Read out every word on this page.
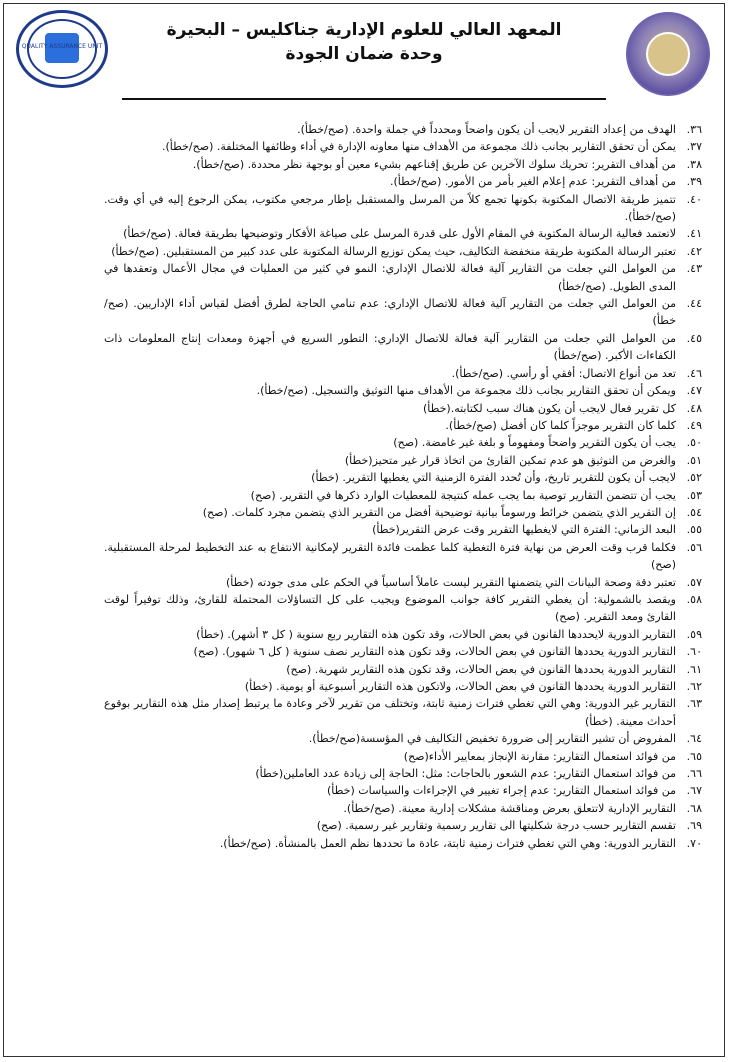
المعهد العالي للعلوم الإدارية جناكليس – البحيرة
وحدة ضمان الجودة
QUALITY ASSURANCE UNIT
٣٦.
الهدف من إعداد التقرير لايجب أن يكون واضحاً ومحدداً في جملة واحدة. (صح/خطأ).
٣٧.
يمكن أن تحقق التقارير بجانب ذلك مجموعة من الأهداف منها معاونه الإدارة في أداء وظائفها المختلفة. (صح/خطأ).
٣٨.
من أهداف التقرير: تحريك سلوك الآخرين عن طريق إقناعهم بشيء معين أو بوجهة نظر محددة. (صح/خطأ).
٣٩.
من أهداف التقرير: عدم إعلام الغير بأمر من الأمور. (صح/خطأ).
٤٠.
تتميز طريقة الاتصال المكتوبة بكونها تجمع كلاً من المرسل والمستقبل بإطار مرجعي مكتوب، يمكن الرجوع إليه في أي وقت. (صح/خطأ).
٤١.
لاتعتمد فعالية الرسالة المكتوبة في المقام الأول على قدرة المرسل على صياغة الأفكار وتوضيحها بطريقة فعالة. (صح/خطأ)
٤٢.
تعتبر الرسالة المكتوبة طريقة منخفضة التكاليف، حيث يمكن توزيع الرسالة المكتوبة على عدد كبير من المستقبلين. (صح/خطأ)
٤٣.
من العوامل التي جعلت من التقارير آلية فعالة للاتصال الإداري: النمو في كثير من العمليات في مجال الأعمال وتعقدها في المدى الطويل. (صح/خطأ)
٤٤.
من العوامل التي جعلت من التقارير آلية فعالة للاتصال الإداري: عدم تنامي الحاجة لطرق أفضل لقياس أداء الإداريين. (صح/خطأ)
٤٥.
من العوامل التي جعلت من التقارير آلية فعالة للاتصال الإداري: التطور السريع في أجهزة ومعدات إنتاج المعلومات ذات الكفاءات الأكبر. (صح/خطأ)
٤٦.
تعد من أنواع الاتصال: أفقي أو رأسي. (صح/خطأ).
٤٧.
ويمكن أن تحقق التقارير بجانب ذلك مجموعة من الأهداف منها التوثيق والتسجيل. (صح/خطأ).
٤٨.
كل تقرير فعال لايجب أن يكون هناك سبب لكتابته.(خطأ)
٤٩.
كلما كان التقرير موجزاً كلما كان أفضل (صح/خطأ).
٥٠.
يجب أن يكون التقرير واضحاً ومفهوماً و بلغة غير غامضة. (صح)
٥١.
والغرض من التوثيق هو عدم تمكين القارئ من اتخاذ قرار غير متحيز(خطأ)
٥٢.
لايجب أن يكون للتقرير تاريخ، وأن تُحدد الفترة الزمنية التي يغطيها التقرير. (خطأ)
٥٣.
يجب أن تتضمن التقارير توصية بما يجب عمله كنتيجة للمعطيات الوارد ذكرها في التقرير. (صح)
٥٤.
إن التقرير الذي يتضمن خرائط ورسوماً بيانية توضيحية أفضل من التقرير الذي يتضمن مجرد كلمات. (صح)
٥٥.
البعد الزماني: الفترة التي لايغطيها التقرير وقت عرض التقرير(خطأ)
٥٦.
فكلما قرب وقت العرض من نهاية فترة التغطية كلما عظمت فائدة التقرير لإمكانية الانتفاع به عند التخطيط لمرحلة المستقبلية. (صح)
٥٧.
تعتبر دقة وصحة البيانات التي يتضمنها التقرير ليست عاملاً أساسياً في الحكم على مدى جودته (خطأ)
٥٨.
ويقصد بالشمولية: أن يغطي التقرير كافة جوانب الموضوع ويجيب على كل التساؤلات المحتملة للقارئ، وذلك توفيراً لوقت القارئ ومعد التقرير. (صح)
٥٩.
التقارير الدورية لايحددها القانون في بعض الحالات، وقد تكون هذه التقارير ربع سنوية ( كل ٣ أشهر). (خطأ)
٦٠.
التقارير الدورية يحددها القانون في بعض الحالات، وقد تكون هذه التقارير نصف سنوية ( كل ٦ شهور). (صح)
٦١.
التقارير الدورية يحددها القانون في بعض الحالات، وقد تكون هذه التقارير شهرية. (صح)
٦٢.
التقارير الدورية يحددها القانون في بعض الحالات، ولاتكون هذه التقارير أسبوعية أو يومية. (خطأ)
٦٣.
التقارير غير الدورية: وهي التي تغطي فترات زمنية ثابتة، وتختلف من تقرير لآخر وعادة ما يرتبط إصدار مثل هذه التقارير بوقوع أحداث معينة. (خطأ)
٦٤.
المفروض أن تشير التقارير إلى ضرورة تخفيض التكاليف في المؤسسة(صح/خطأ).
٦٥.
من فوائد استعمال التقارير: مقارنة الإنجاز بمعايير الأداء(صح)
٦٦.
من فوائد استعمال التقارير: عدم الشعور بالحاجات: مثل: الحاجة إلى زيادة عدد العاملين(خطأ)
٦٧.
من فوائد استعمال التقارير: عدم إجراء تغيير في الإجراءات والسياسات (خطأ)
٦٨.
التقارير الإدارية لاتتعلق بعرض ومناقشة مشكلات إدارية معينة. (صح/خطأ).
٦٩.
تقسم التقارير حسب درجة شكليتها الى تقارير رسمية وتقارير غير رسمية. (صح)
٧٠.
التقارير الدورية: وهي التي تغطي فترات زمنية ثابتة، عادة ما تحددها نظم العمل بالمنشأة. (صح/خطأ).
